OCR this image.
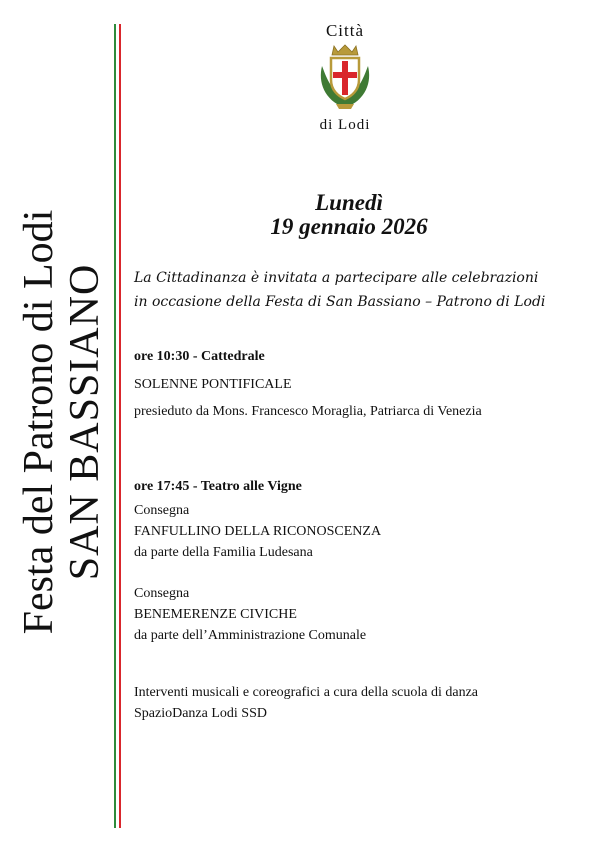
Festa del Patrono di Lodi SAN BASSIANO
Città
di Lodi
Lunedì
19 gennaio 2026
La Cittadinanza è invitata a partecipare alle celebrazioni
in occasione della Festa di San Bassiano – Patrono di Lodi
ore 10:30 - Cattedrale
SOLENNE PONTIFICALE
presieduto da Mons. Francesco Moraglia, Patriarca di Venezia
ore 17:45 - Teatro alle Vigne
Consegna
FANFULLINO DELLA RICONOSCENZA
da parte della Familia Ludesana
Consegna
BENEMERENZE CIVICHE
da parte dell’Amministrazione Comunale
Interventi musicali e coreografici a cura della scuola di danza
SpazioDanza Lodi SSD
